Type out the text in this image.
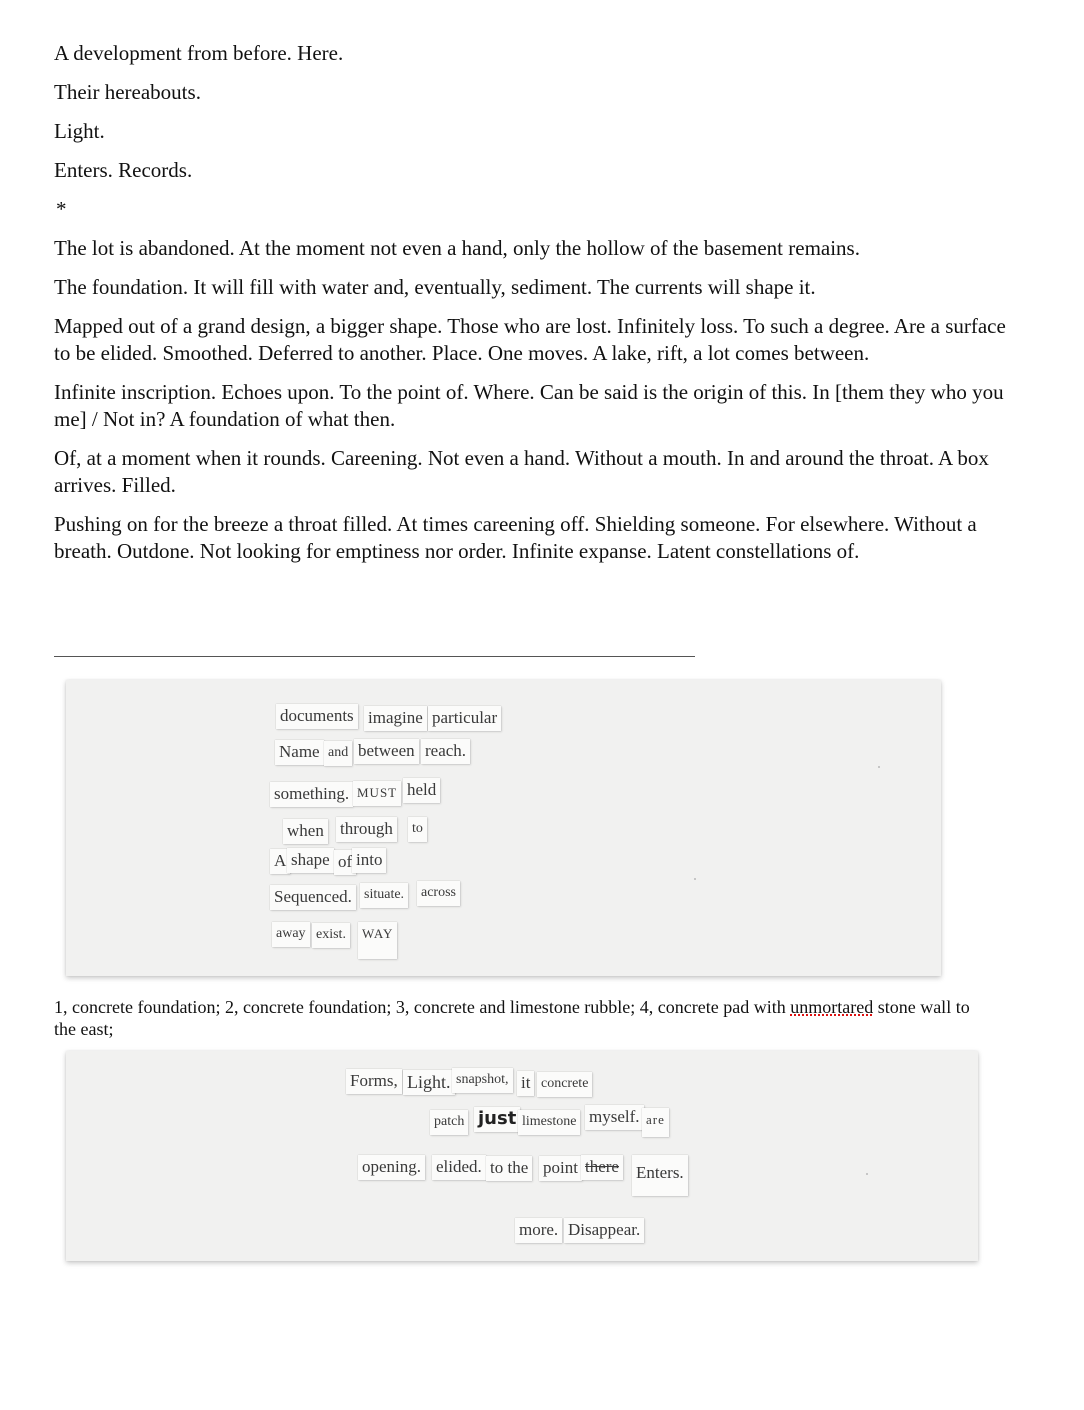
A development from before. Here.

Their hereabouts.

Light.

Enters. Records.

*

The lot is abandoned. At the moment not even a hand, only the hollow of the basement remains.

The foundation. It will fill with water and, eventually, sediment. The currents will shape it.

Mapped out of a grand design, a bigger shape. Those who are lost. Infinitely loss. To such a degree. Are a surface to be elided. Smoothed. Deferred to another. Place. One moves. A lake, rift, a lot comes between.

Infinite inscription. Echoes upon. To the point of. Where. Can be said is the origin of this. In [them they who you me] / Not in? A foundation of what then.

Of, at a moment when it rounds. Careening. Not even a hand. Without a mouth. In and around the throat. A box arrives. Filled.

Pushing on for the breeze a throat filled. At times careening off. Shielding someone. For elsewhere. Without a breath. Outdone. Not looking for emptiness nor order. Infinite expanse. Latent constellations of.

documents imagine particular
Name and between reach.
something. MUST held
when through to
A shape of into
Sequenced. situate. across
away exist.	WAY
1, concrete foundation; 2, concrete foundation; 3, concrete and limestone rubble; 4, concrete pad with unmortared stone wall to the east;
Forms, Light. snapshot, it concrete
patch just limestone myself. are
opening. elided. to the point there Enters.
more. Disappear.
